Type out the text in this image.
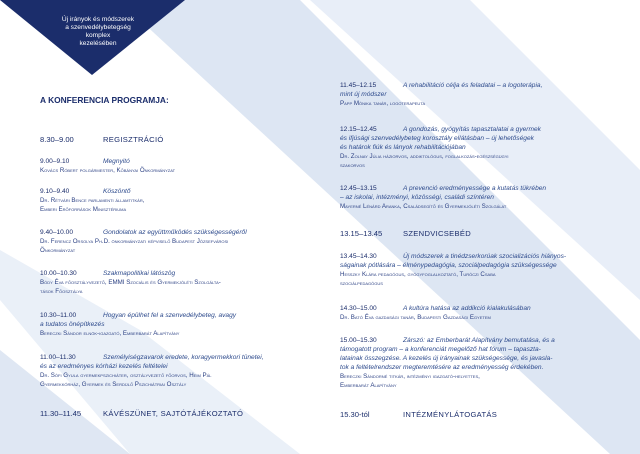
Új irányok és módszerek
a szenvedélybetegség
komplex
kezelésében
A KONFERENCIA PROGRAMJA:
8.30–9.00	REGISZTRÁCIÓ
9.00–9.10	Megnyitó
Kovács Róbert polgármester, Kőbányai Önkormányzat
9.10–9.40	Köszöntő
Dr. Rétvári Bence parlamenti államtitkár,
Emberi Erőforrások Minisztériuma
9.40–10.00	Gondolatok az együttműködés szükségességéről
Dr. Ferencz Orsolya Ph.D. önkormányzati képviselő Budapest Józsefvárosi
Önkormányzat
10.00–10.30	Szakmapolitikai látószög
Bódy Éva főosztályvezető, EMMI Szociális és Gyermekjóléti Szolgálta-
tások Főosztálya
10.30–11.00	Hogyan épülhet fel a szenvedélybeteg, avagy
a tudatos önépítkezés
Bereczki Sándor elnök-igazgató, Emberbarát Alapítvány
11.00–11.30	Személyiségzavarok eredete, koragyermekkori tünetei,
és az eredményes kórházi kezelés feltételei
Dr. Sófi Gyula gyermekpszichiáter, osztályvezető főorvos, Heim Pál
Gyermekkórház, Gyermek és Serdülő Pszichiátriai Osztály
11.30–11.45	KÁVÉSZÜNET, SAJTÓTÁJÉKOZTATÓ
11.45–12.15	A rehabilitáció célja és feladatai – a logoterápia,
mint új módszer
Papp Mónika tanár, logoterapeuta
12.15–12.45	A gondozás, gyógyítás tapasztalatai a gyermek
és ifjúsági szenvedélybeteg korosztály ellátásban – új lehetőségek
és határok fiúk és lányok rehabilitációjában
Dr. Zolnay Júlia háziorvos, addiktológus, foglalkozás-egészségügyi
szakorvos
12.45–13.15	A prevenció eredményessége a kutatás tükrében
– az iskolai, intézményi, közösségi, családi színtéren
Mayerné Lénárd Aranka, Családsegítő és Gyermekjóléti Szolgálat
13.15–13.45	SZENDVICSEBÉD
13.45–14.30	Új módszerek a tinédzserkorúak szocializációs hiányos-
ságainak pótlására – élménypedagógia, szociálpedagógia szükségessége
Hesszky Klára pedagógus, gyógyfoglalkoztató, Turóczi Csaba
szociálpedagógus
14.30–15.00	A kultúra hatása az addikció kialakulásában
Dr. Bató Éva gazdasági tanár, Budapesti Gazdasági Egyetem
15.00–15.30	Zárszó: az Emberbarát Alapítvány bemutatása, és a
támogatott program – a konferenciát megelőző hat fórum – tapaszta-
latainak összegzése. A kezelés új irányainak szükségessége, és javasla-
tok a feltételrendszer megteremtésére az eredményesség érdekében.
Bereczki Sándorné titkár, intézményi igazgató-helyettes,
Emberbarát Alapítvány
15.30-tól	INTÉZMÉNYLÁTOGATÁS
